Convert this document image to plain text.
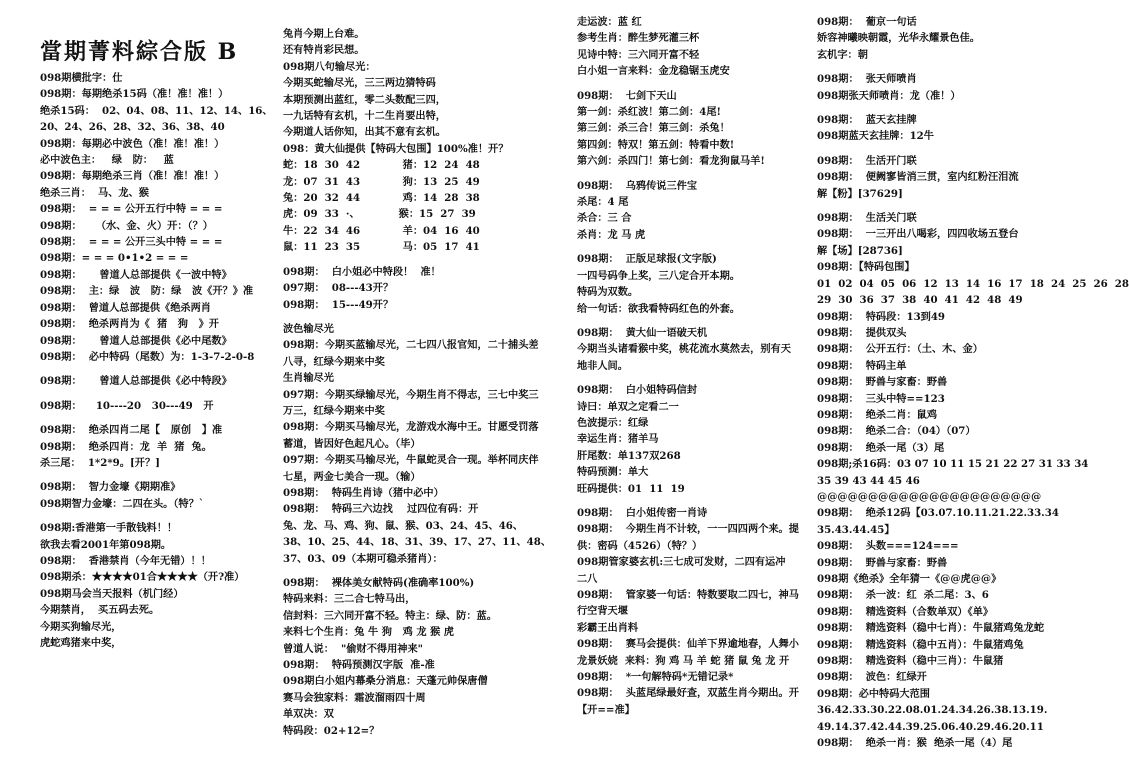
當期菁料綜合版 B
098期横批字：仕
098期：每期绝杀15码（准！准！准！）
绝杀15码：  02、04、08、11、12、14、16、
20、24、26、28、32、36、38、40
098期：每期必中波色（准！准！准！）
必中波色主：   绿   防：   蓝
098期：每期绝杀三肖（准！准！准！）
绝杀三肖：  马、龙、猴
098期：  = = = 公开五行中特 = = =
098期：    （水、金、火）开：（？）
098期：  = = = 公开三头中特 = = =
098期：= = = 0•1•2 = = =
098期：     曾道人总部提供《一波中特》
098期：  主：绿   波   防：绿   波《开？》准
098期：  曾道人总部提供《绝杀两肖
098期：  绝杀两肖为《  猪   狗   》开
098期：     曾道人总部提供《必中尾数》
098期：  必中特码（尾数）为：1-3-7-2-0-8
098期：     曾道人总部提供《必中特段》
098期：    10----20   30---49   开
098期：  绝杀四肖二尾【   原创   】准
098期：  绝杀四肖：龙  羊  猪  兔。
杀三尾：  1*2*9。[开？]
098期：  智力金壕《期期准》
098期智力金壕：二四在头。（特？`
098期:香港第一手散钱料！！
欲我去看2001年第098期。
098期：  香港禁肖（今年无错）！！
098期杀：★★★★01合★★★★（开?准）
098期马会当天报料（机门经）
今期禁肖，  买五码去死。
今期买狗输尽光，
虎蛇鸡猪来中奖，
兔肖今期上台难。
还有特肖彩民想。
098期八句输尽光：
今期买蛇输尽光，三三两边猜特码
本期预测出蓝红，零二头数配三四，
一九话特有玄机，十二生肖要出特，
今期道人话你知，出其不意有玄机。
098：黄大仙提供【特码大包围】100%准！开？
蛇：18  30  42            猪：12  24  48
龙：07  31  43            狗：13  25  49
兔：20  32  44            鸡：14  28  38
虎：09  33  ·、           猴：15  27  39
牛：22  34  46            羊：04  16  40
鼠：11  23  35            马：05  17  41
098期：  白小姐必中特段！  准！
097期：  08---43开？
098期：  15---49开？
波色输尽光
098期：今期买蓝输尽光，二七四八报官知，二十捕头差
八寻，红绿今期来中奖
生肖输尽光
097期：今期买绿输尽光，今期生肖不得志，三七中奖三
万三，红绿今期来中奖
098期：今期买马输尽光，龙游戏水海中王。甘愿受罚落
蓄道，皆因好色起凡心。（毕）
097期：今期买马输尽光，牛鼠蛇灵合一现。举杯同庆伴
七星，两金七美合一现。（输）
098期：  特码生肖诗（猪中必中）
098期：  特码三六边找    过四位有码：开
兔、龙、马、鸡、狗、鼠、猴、03、24、45、46、
38、10、25、44、18、31、39、17、27、11、48、
37、03、09（本期可稳杀猪肖）：
098期：  裸体美女献特码(准确率100%)
特码来料：三二合七特马出，
信封料：三六同开富不轻。特主：绿、防：蓝。
来料七个生肖：兔 牛 狗   鸡 龙 猴 虎
曾道人说：  "偷财不得用神来"
098期：  特码预测汉字版  准-准
098期白小姐内幕桑分消息：天蓬元帅保唐僧
赛马会独家料：霜波溜雨四十周
单双决：双
特码段：02+12=？
走运波：蓝 红
参考生肖：醉生梦死灌三杯
见诗中特：三六同开富不轻
白小姐一言来料：金龙稳锯玉虎安
098期：  七剑下天山
第一剑：杀红波！第二剑：4尾!
第三剑：杀三合！第三剑：杀兔！
第四剑：特双！第五剑：特看中数!
第六剑：杀四门！第七剑：看龙狗鼠马羊!
098期：  乌鸦传说三件宝
杀尾：4 尾
杀合：三 合
杀肖：龙 马 虎
098期：  正版足球报(文字版)
一四号码争上奖，三八定合开本期。
特码为双数。
给一句话：欲我看特码红色的外套。
098期：  黄大仙一语破天机
今期当头诸看猴中奖，桃花流水莫然去，别有天
地非人间。
098期：  白小姐特码信封
诗曰：单双之定看二一
色波提示：红绿
幸运生肖：猪羊马
肝尾数：单137双268
特码预测：单大
旺码提供：01  11  19
098期：  白小姐传密一肖诗
098期：  今期生肖不计较，一一四四两个来。提
供：密码（4526）（特？）
098期管家婆玄机:三七成可发财，二四有运冲
二八
098期：  管家婆一句话：特数要取二四七，神马
行空背天堰
彩霸王出肖料
098期：  赛马会提供：仙羊下界逾地春，人舞小
龙景妖娆  来料：狗 鸡 马 羊 蛇 猪 鼠 兔 龙 开
098期：  *一句解特码*无错记录*
098期：  头蓝尾绿最好查，双蓝生肖今期出。开
【开==准】
098期：  葡京一句话
娇容神曦映朝霞，光华永耀景色佳。
玄机字：朝
098期：  张天师喷肖
098期张天师喷肖：龙（准！）
098期：  蓝天玄挂牌
098期蓝天玄挂牌：12牛
098期：  生活开门联
098期：  便阙寥皆消三贯，室内红粉汪泪流
解【粉】[37629]
098期：  生活关门联
098期：  一三开出八喝彩，四四收场五登台
解【场】[28736]
098期：【特码包围】
01  02  04  05  06  12  13  14  16  17  18  24  25  26  28
29  30  36  37  38  40  41  42  48  49
098期：  特码段：13到49
098期：  提供双头
098期：  公开五行：（土、木、金）
098期：  特码主单
098期：  野兽与家畜：野兽
098期：  三头中特==123
098期：  绝杀二肖：鼠鸡
098期：  绝杀二合：（04）（07）
098期：  绝杀一尾（3）尾
098期;杀16码：03 07 10 11 15 21 22 27 31 33 34
35 39 43 44 45 46
@@@@@@@@@@@@@@@@@@@@@@
098期：  绝杀12码【03.07.10.11.21.22.33.34
35.43.44.45】
098期：  头数===124===
098期：  野兽与家畜：野兽
098期《绝杀》全年猜一《@@虎@@》
098期：  杀一波：红  杀二尾：3、6
098期：  精选资料（合数单双）《单》
098期：  精选资料（稳中七肖）：牛鼠猪鸡兔龙蛇
098期：  精选资料（稳中五肖）：牛鼠猪鸡兔
098期：  精选资料（稳中三肖）：牛鼠猪
098期：  波色：红绿开
098期：必中特码大范围
36.42.33.30.22.08.01.24.34.26.38.13.19.
49.14.37.42.44.39.25.06.40.29.46.20.11
098期：  绝杀一肖：猴  绝杀一尾（4）尾
